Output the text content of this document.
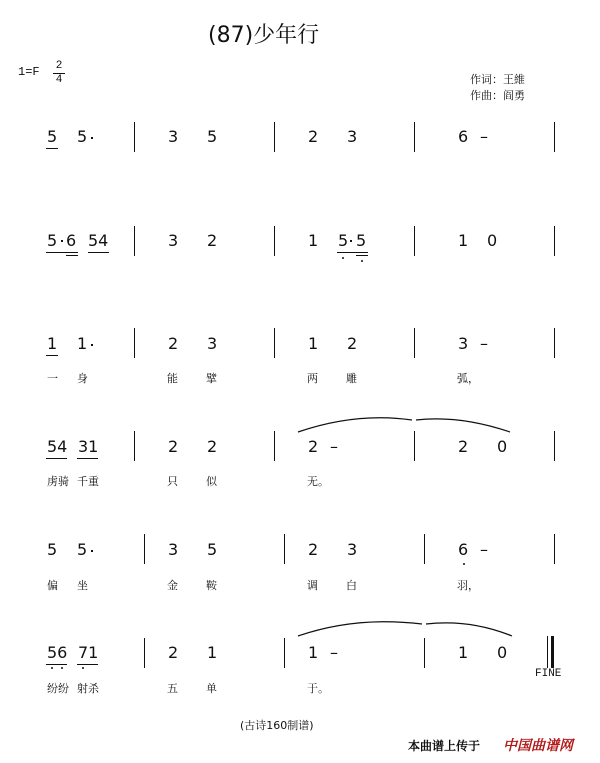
(87)少年行
$1=F \frac{2}{4}$	作词：王維
作曲：阎勇
5 5	3 5	2 3	6 –
5 6 54	3 2	1 5 5	1 0
1 1	2 3	1 2	3 –
一 身	能	擘	两	雕	弧，
54 31	2 2	2 –	2 0
虏骑 千重	只	似	无。
5 5	3 5	2 3	6 –
偏 坐	金	鞍	调	白	羽，
56 71	2 1	1 –	1 0
FINE
纷纷 射杀	五	单	于。
(古诗160制谱)
本曲谱上传于 中国曲谱网
